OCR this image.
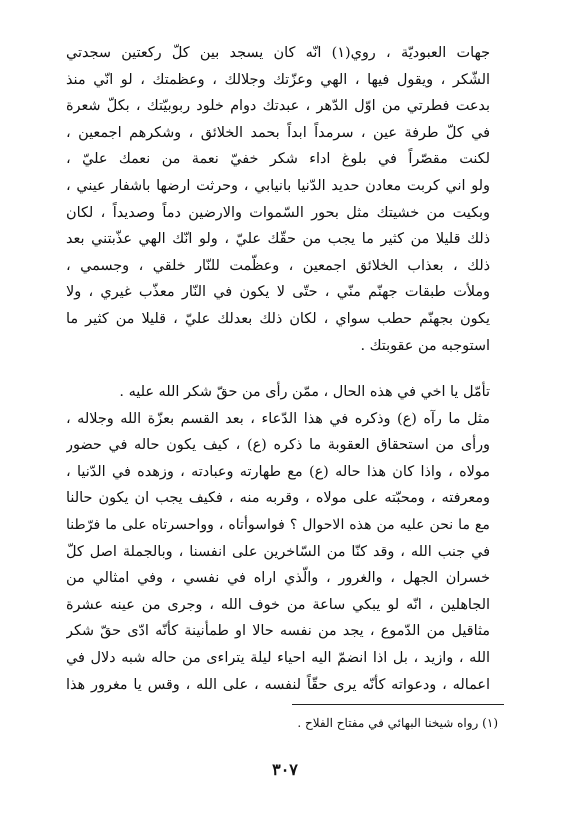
جهات العبوديّة ، روي(١) انّه كان يسجد بين كلّ ركعتين سجدتي
الشّكر ، ويقول فيها ، الهي وعزّتك وجلالك ، وعظمتك ، لو انّي منذ
بدعت فطرتي من اوّل الدّهر ، عبدتك دوام خلود ربوبيّتك ، بكلّ شعرة
في كلّ طرفة عين ، سرمداً ابداً بحمد الخلائق ، وشكرهم اجمعين ،
لكنت مقصّراً في بلوغ اداء شكر خفيّ نعمة من نعمك عليّ ،
ولو اني كربت معادن حديد الدّنيا بانيابي ، وحرثت ارضها باشفار عيني ،
وبكيت من خشيتك مثل بحور السّموات والارضين دماً وصديداً ، لكان
ذلك قليلا من كثير ما يجب من حقّك عليّ ، ولو انّك الهي عذّبتني بعد
ذلك ، بعذاب الخلائق اجمعين ، وعظّمت للنّار خلقي ، وجسمي ،
وملأت طبقات جهنّم منّي ، حتّى لا يكون في النّار معذّب غيري ، ولا
يكون بجهنّم حطب سواي ، لكان ذلك بعدلك عليّ ، قليلا من كثير ما
استوجبه من عقوبتك .
تأمّل يا اخي في هذه الحال ، ممّن رأى من حقّ شكر الله عليه .
مثل ما رآه (ع) وذكره في هذا الدّعاء ، بعد القسم بعزّة الله وجلاله ،
ورأى من استحقاق العقوبة ما ذكره (ع) ، كيف يكون حاله في حضور
مولاه ، واذا كان هذا حاله (ع) مع طهارته وعبادته ، وزهده في الدّنيا ،
ومعرفته ، ومحبّته على مولاه ، وقربه منه ، فكيف يجب ان يكون حالنا
مع ما نحن عليه من هذه الاحوال ؟ فواسوأتاه ، وواحسرتاه على ما فرّطنا
في جنب الله ، وقد كنّا من السّاخرين على انفسنا ، وبالجملة اصل كلّ
خسران الجهل ، والغرور ، والّذي اراه في نفسي ، وفي امثالي من
الجاهلين ، انّه لو يبكي ساعة من خوف الله ، وجرى من عينه عشرة
مثاقيل من الدّموع ، يجد من نفسه حالا او طمأنينة كأنّه ادّى حقّ شكر
الله ، وازيد ، بل اذا انضمّ اليه احياء ليلة يتراءى من حاله شبه دلال في
اعماله ، ودعواته كأنّه يرى حقّاً لنفسه ، على الله ، وقس يا مغرور هذا
(١) رواه شيخنا البهائي في مفتاح الفلاح .
٣٠٧
